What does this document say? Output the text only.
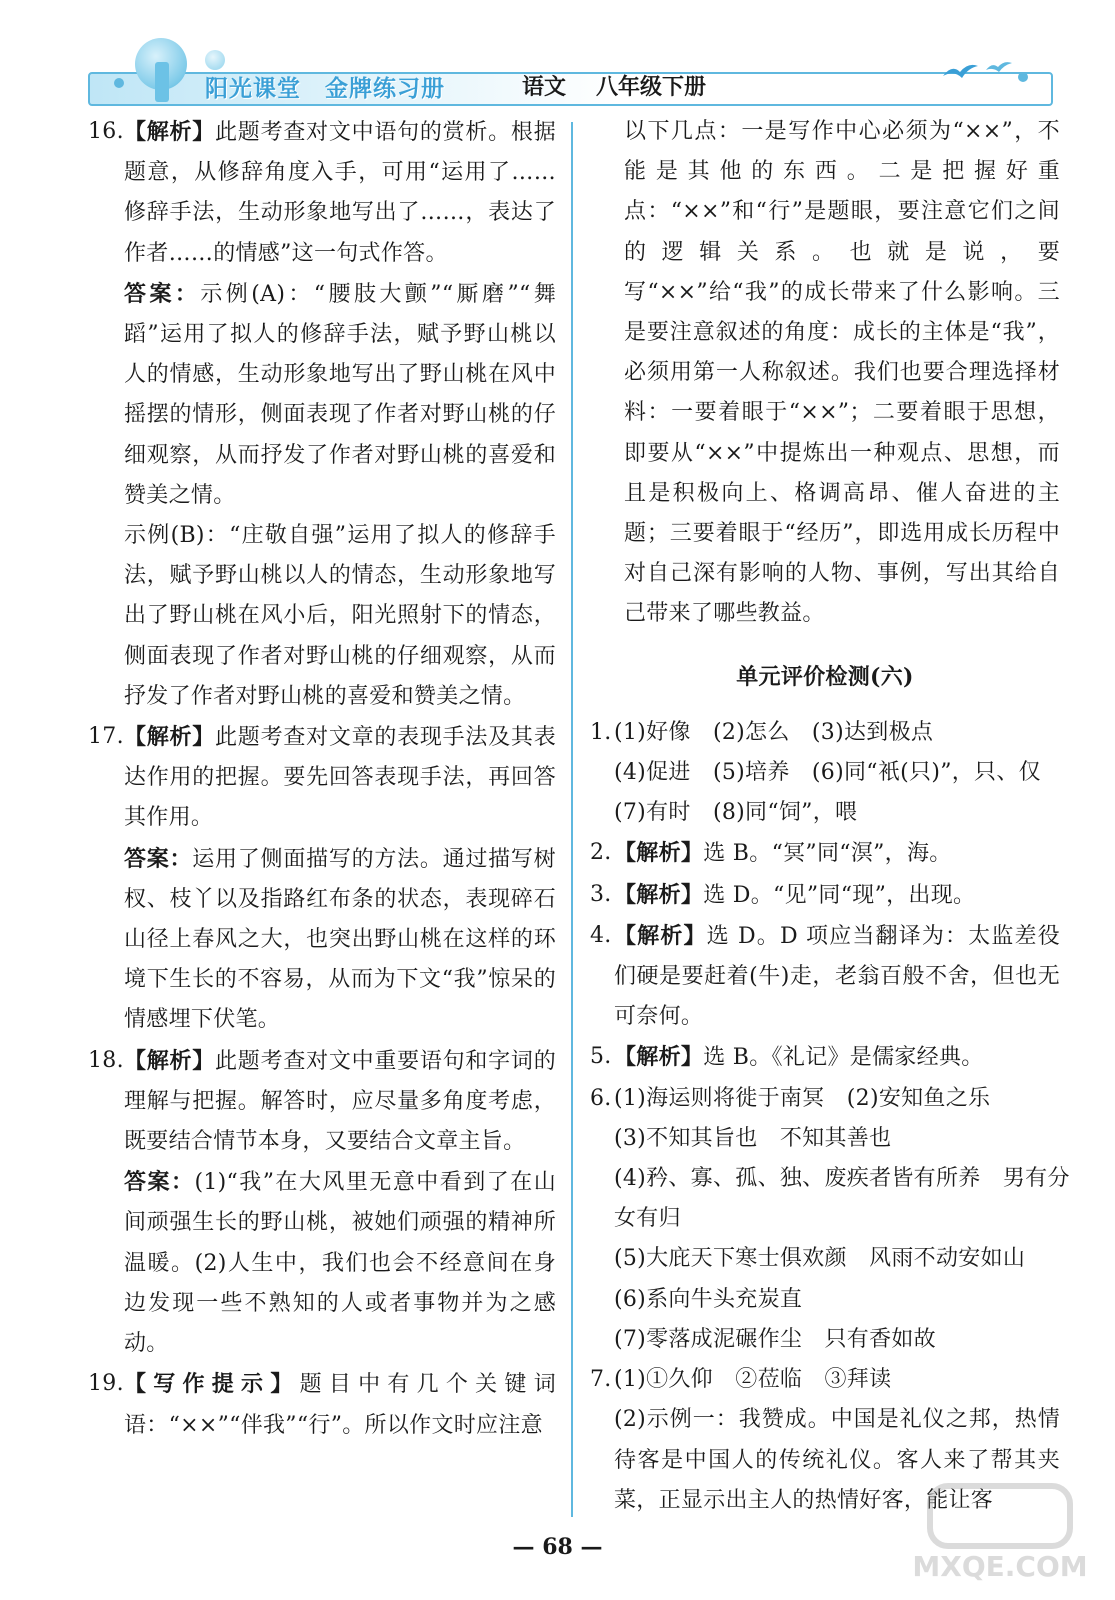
阳光课堂　金牌练习册	语文 八年级下册
16. 【解析】此题考查对文中语句的赏析。根据题意，从修辞角度入手，可用“运用了……修辞手法，生动形象地写出了……，表达了作者……的情感”这一句式作答。
答案：示例(A)：“腰肢大颤”“厮磨”“舞蹈”运用了拟人的修辞手法，赋予野山桃以人的情感，生动形象地写出了野山桃在风中摇摆的情形，侧面表现了作者对野山桃的仔细观察，从而抒发了作者对野山桃的喜爱和赞美之情。
示例(B)：“庄敬自强”运用了拟人的修辞手法，赋予野山桃以人的情态，生动形象地写出了野山桃在风小后，阳光照射下的情态，侧面表现了作者对野山桃的仔细观察，从而抒发了作者对野山桃的喜爱和赞美之情。
17. 【解析】此题考查对文章的表现手法及其表达作用的把握。要先回答表现手法，再回答其作用。
答案：运用了侧面描写的方法。通过描写树杈、枝丫以及指路红布条的状态，表现碎石山径上春风之大，也突出野山桃在这样的环境下生长的不容易，从而为下文“我”惊呆的情感埋下伏笔。
18. 【解析】此题考查对文中重要语句和字词的理解与把握。解答时，应尽量多角度考虑，既要结合情节本身，又要结合文章主旨。
答案：(1)“我”在大风里无意中看到了在山间顽强生长的野山桃，被她们顽强的精神所温暖。(2)人生中，我们也会不经意间在身边发现一些不熟知的人或者事物并为之感动。
19. 【写作提示】题目中有几个关键词语：“××”“伴我”“行”。所以作文时应注意
以下几点：一是写作中心必须为“××”，不能是其他的东西。二是把握好重点：“××”和“行”是题眼，要注意它们之间的逻辑关系。也就是说，要写“××”给“我”的成长带来了什么影响。三是要注意叙述的角度：成长的主体是“我”，必须用第一人称叙述。我们也要合理选择材料：一要着眼于“××”；二要着眼于思想，即要从“××”中提炼出一种观点、思想，而且是积极向上、格调高昂、催人奋进的主题；三要着眼于“经历”，即选用成长历程中对自己深有影响的人物、事例，写出其给自己带来了哪些教益。
单元评价检测(六)
1. (1)好像　(2)怎么　(3)达到极点
(4)促进　(5)培养　(6)同“衹(只)”，只、仅
(7)有时　(8)同“饲”，喂
2. 【解析】选 B。“冥”同“溟”，海。
3. 【解析】选 D。“见”同“现”，出现。
4. 【解析】选 D。D 项应当翻译为：太监差役们硬是要赶着(牛)走，老翁百般不舍，但也无可奈何。
5. 【解析】选 B。《礼记》是儒家经典。
6. (1)海运则将徙于南冥　(2)安知鱼之乐
(3)不知其旨也　不知其善也
(4)矜、寡、孤、独、废疾者皆有所养　男有分
女有归
(5)大庇天下寒士俱欢颜　风雨不动安如山
(6)系向牛头充炭直
(7)零落成泥碾作尘　只有香如故
7. (1)①久仰　②莅临　③拜读
(2)示例一：我赞成。中国是礼仪之邦，热情待客是中国人的传统礼仪。客人来了帮其夹菜，正显示出主人的热情好客，能让客
— 68 —
MXQE.COM
